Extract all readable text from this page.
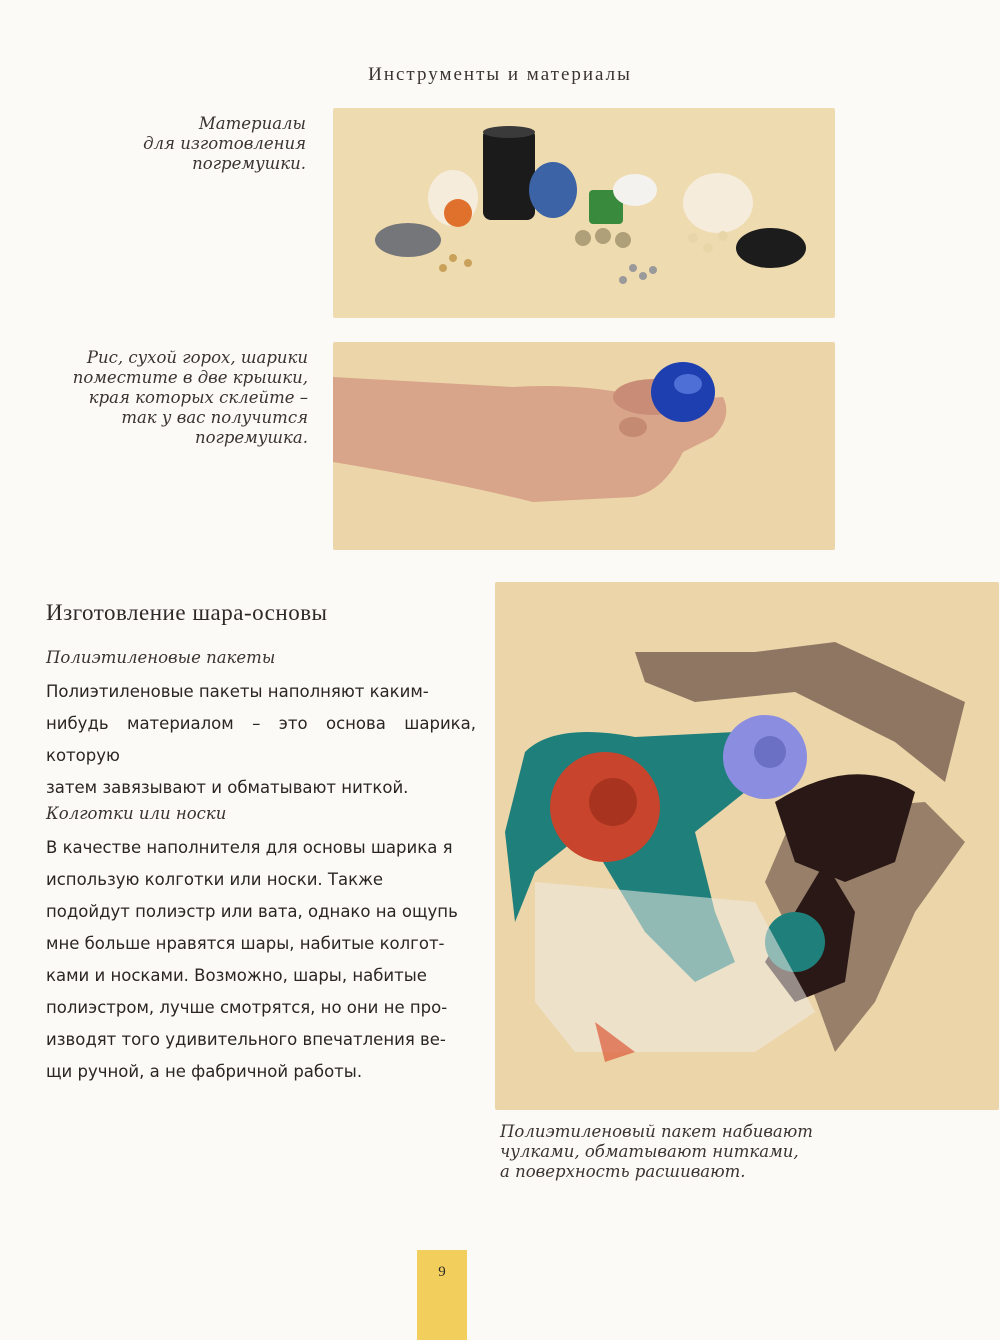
Инструменты и материалы
Материалы
для изготовления
погремушки.
Рис, сухой горох, шарики
поместите в две крышки,
края которых склейте –
так у вас получится
погремушка.
Изготовление шара-основы
Полиэтиленовые пакеты
Полиэтиленовые пакеты наполняют каким-
нибудь материалом – это основа шарика, которую
затем завязывают и обматывают ниткой.
Колготки или носки
В качестве наполнителя для основы шарика я
использую колготки или носки. Также
подойдут полиэстр или вата, однако на ощупь
мне больше нравятся шары, набитые колгот-
ками и носками. Возможно, шары, набитые
полиэстром, лучше смотрятся, но они не про-
изводят того удивительного впечатления ве-
щи ручной, а не фабричной работы.
Полиэтиленовый пакет набивают
чулками, обматывают нитками,
а поверхность расшивают.
9
